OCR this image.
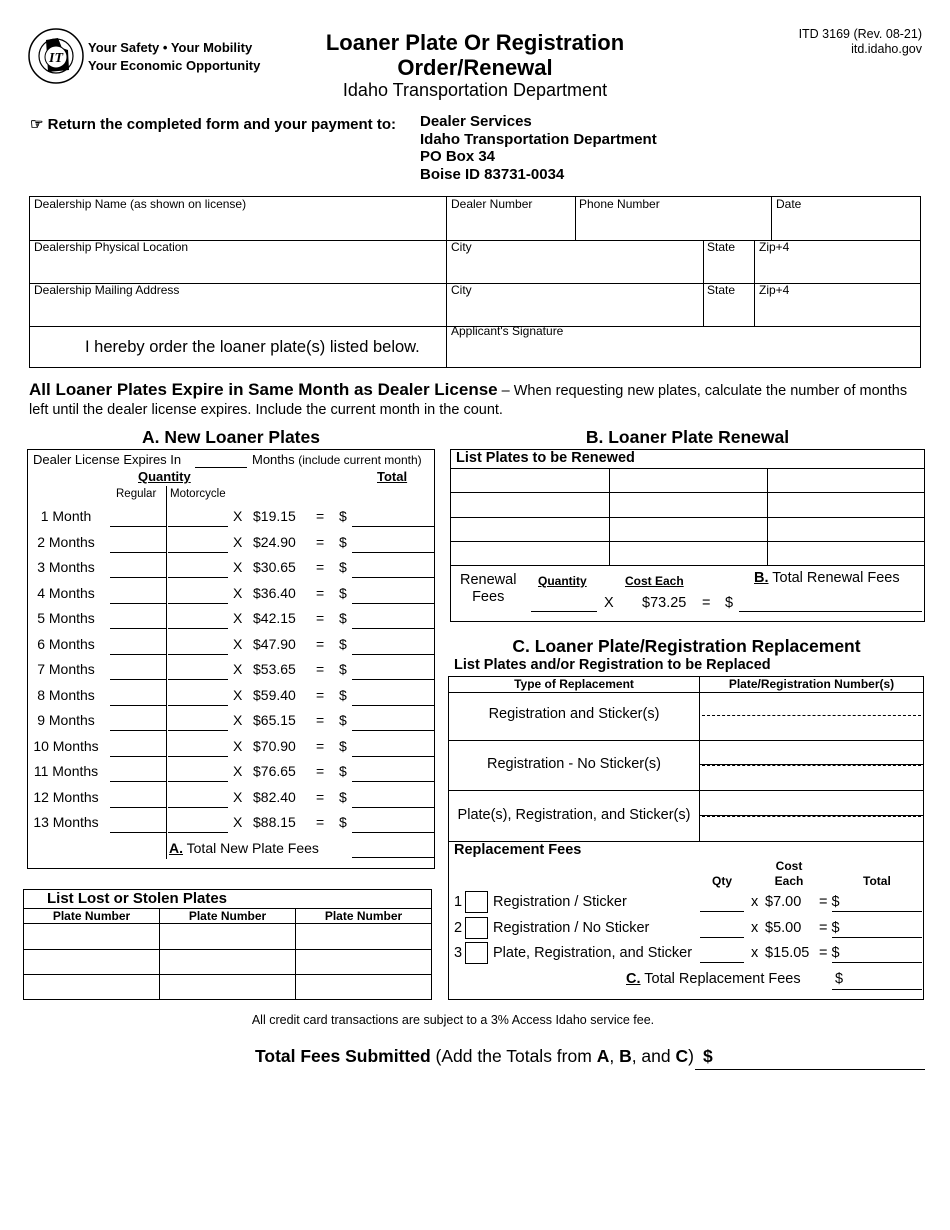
IT
Your Safety • Your Mobility
Your Economic Opportunity
Loaner Plate Or Registration
Order/Renewal
Idaho Transportation Department
ITD 3169 (Rev. 08-21)
itd.idaho.gov
☞ Return the completed form and your payment to: Dealer Services
Idaho Transportation Department
PO Box 34
Boise ID 83731-0034
Dealership Name (as shown on license)	Dealer Number	Phone Number	Date
Dealership Physical Location	City	State Zip+4
Dealership Mailing Address	City	State Zip+4
I hereby order the loaner plate(s) listed below.
Applicant's Signature
All Loaner Plates Expire in Same Month as Dealer License – When requesting new plates, calculate the number of months left until the dealer license expires. Include the current month in the count.
A. New Loaner Plates
Dealer License Expires In	Months (include current month)
Quantity	Total
Regular Motorcycle
1 Month	X $19.15 = $
2 Months	X $24.90 = $
3 Months	X $30.65 = $
4 Months	X $36.40 = $
5 Months	X $42.15 = $
6 Months	X $47.90 = $
7 Months	X $53.65 = $
8 Months	X $59.40 = $
9 Months	X $65.15 = $
10 Months	X $70.90 = $
11 Months	X $76.65 = $
12 Months	X $82.40 = $
13 Months	X $88.15 = $
A. Total New Plate Fees
List Lost or Stolen Plates
Plate Number	Plate Number	Plate Number
B. Loaner Plate Renewal
List Plates to be Renewed
Renewal
Fees
Quantity	Cost Each	B. Total Renewal Fees
X $73.25 = $
C. Loaner Plate/Registration Replacement
List Plates and/or Registration to be Replaced
Type of Replacement	Plate/Registration Number(s)
Registration and Sticker(s)
Registration - No Sticker(s)
Plate(s), Registration, and Sticker(s)
Replacement Fees
Qty
Cost
Each	Total
1 Registration / Sticker	x $7.00 = $
2 Registration / No Sticker	x $5.00 = $
3 Plate, Registration, and Sticker	x $15.05 = $
C. Total Replacement Fees $
All credit card transactions are subject to a 3% Access Idaho service fee.
Total Fees Submitted (Add the Totals from A, B, and C) $
